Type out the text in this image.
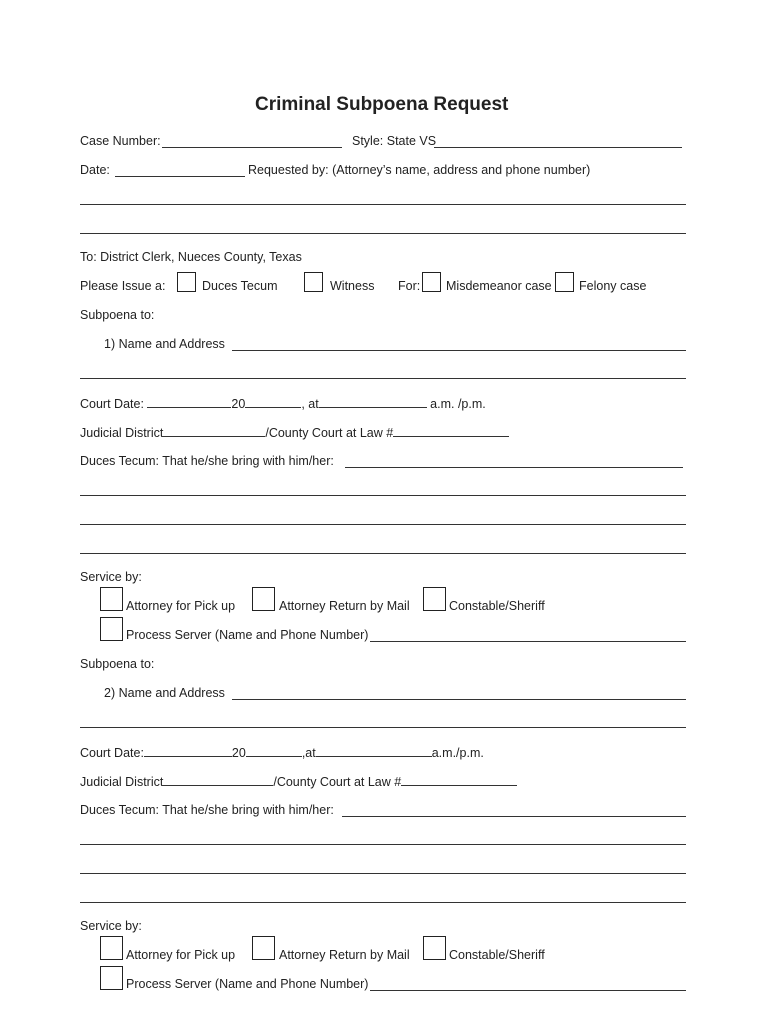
Criminal Subpoena Request
Case Number:	Style: State VS
Date:	Requested by: (Attorney’s name, address and phone number)
To: District Clerk, Nueces County, Texas
Please Issue a:	Duces Tecum	Witness For: Misdemeanor case Felony case
Subpoena to:
1) Name and Address
Court Date:	20	, at	a.m. /p.m.
Judicial District	/County Court at Law #
Duces Tecum: That he/she bring with him/her:
Service by:
Attorney for Pick up	Attorney Return by Mail	Constable/Sheriff
Process Server (Name and Phone Number)
Subpoena to:
2) Name and Address
Court Date:	20	,at	a.m./p.m.
Judicial District	/County Court at Law #
Duces Tecum: That he/she bring with him/her:
Service by:
Attorney for Pick up	Attorney Return by Mail	Constable/Sheriff
Process Server (Name and Phone Number)
